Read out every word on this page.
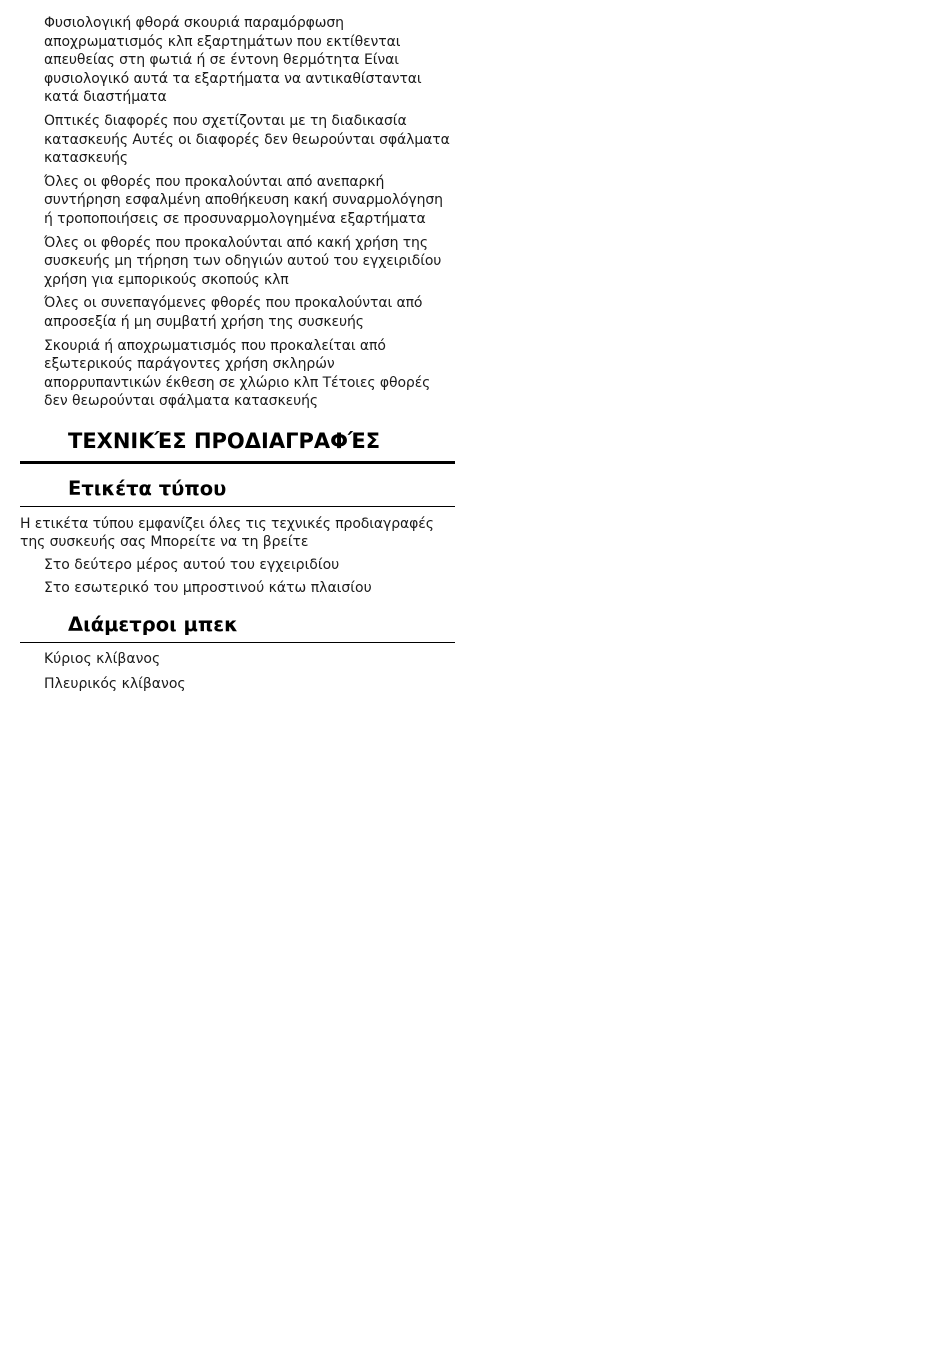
Φυσιολογική φθορά σκουριά παραμόρφωση αποχρωματισμός κλπ εξαρτημάτων που εκτίθενται απευθείας στη φωτιά ή σε έντονη θερμότητα Είναι φυσιολογικό αυτά τα εξαρτήματα να αντικαθίστανται κατά διαστήματα
Οπτικές διαφορές που σχετίζονται με τη διαδικασία κατασκευής Αυτές οι διαφορές δεν θεωρούνται σφάλματα κατασκευής
Όλες οι φθορές που προκαλούνται από ανεπαρκή συντήρηση εσφαλμένη αποθήκευση κακή συναρμολόγηση ή τροποποιήσεις σε προσυναρμολογημένα εξαρτήματα
Όλες οι φθορές που προκαλούνται από κακή χρήση της συσκευής μη τήρηση των οδηγιών αυτού του εγχειριδίου χρήση για εμπορικούς σκοπούς κλπ
Όλες οι συνεπαγόμενες φθορές που προκαλούνται από απροσεξία ή μη συμβατή χρήση της συσκευής
Σκουριά ή αποχρωματισμός που προκαλείται από εξωτερικούς παράγοντες χρήση σκληρών απορρυπαντικών έκθεση σε χλώριο κλπ Τέτοιες φθορές δεν θεωρούνται σφάλματα κατασκευής
ΤΕΧΝΙΚΈΣ ΠΡΟΔΙΑΓΡΑΦΈΣ
Ετικέτα τύπου

Η ετικέτα τύπου εμφανίζει όλες τις τεχνικές προδιαγραφές της συσκευής σας Μπορείτε να τη βρείτε

Στο δεύτερο μέρος αυτού του εγχειριδίου
Στο εσωτερικό του μπροστινού κάτω πλαισίου
Διάμετροι μπεκ
Κύριος κλίβανος
Πλευρικός κλίβανος
